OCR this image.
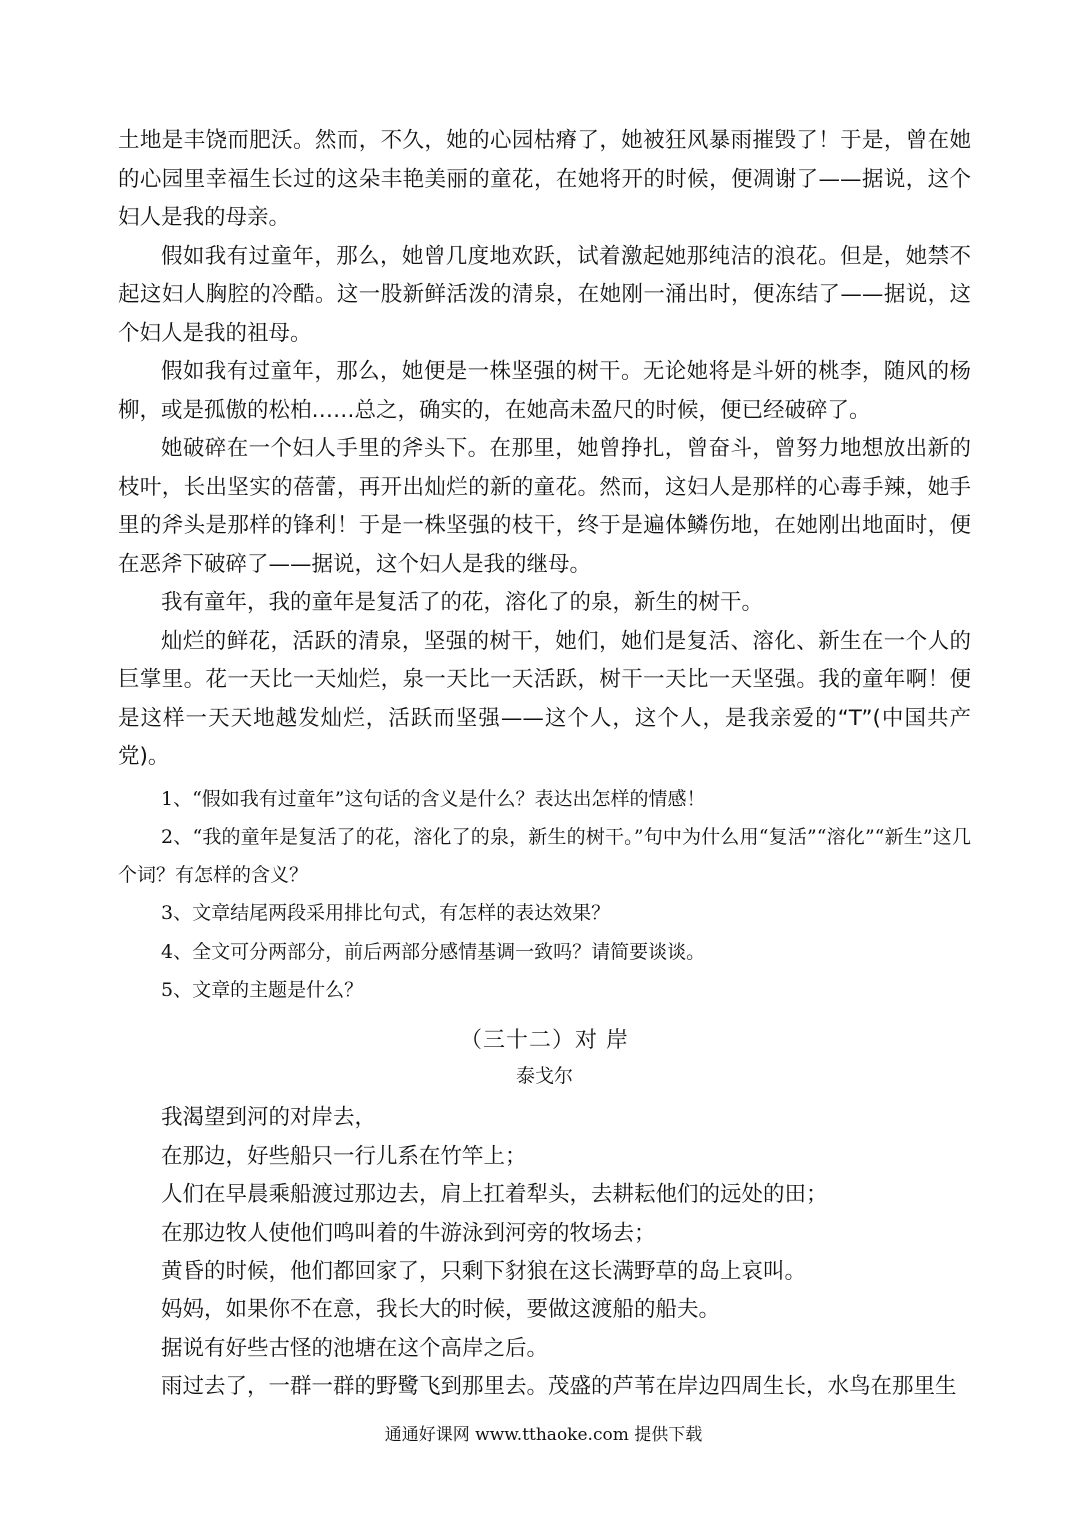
土地是丰饶而肥沃。然而，不久，她的心园枯瘠了，她被狂风暴雨摧毁了！于是，曾在她的心园里幸福生长过的这朵丰艳美丽的童花，在她将开的时候，便凋谢了——据说，这个妇人是我的母亲。

假如我有过童年，那么，她曾几度地欢跃，试着激起她那纯洁的浪花。但是，她禁不起这妇人胸腔的冷酷。这一股新鲜活泼的清泉，在她刚一涌出时，便冻结了——据说，这个妇人是我的祖母。

假如我有过童年，那么，她便是一株坚强的树干。无论她将是斗妍的桃李，随风的杨柳，或是孤傲的松柏……总之，确实的，在她高未盈尺的时候，便已经破碎了。

她破碎在一个妇人手里的斧头下。在那里，她曾挣扎，曾奋斗，曾努力地想放出新的枝叶，长出坚实的蓓蕾，再开出灿烂的新的童花。然而，这妇人是那样的心毒手辣，她手里的斧头是那样的锋利！于是一株坚强的枝干，终于是遍体鳞伤地，在她刚出地面时，便在恶斧下破碎了——据说，这个妇人是我的继母。

我有童年，我的童年是复活了的花，溶化了的泉，新生的树干。

灿烂的鲜花，活跃的清泉，坚强的树干，她们，她们是复活、溶化、新生在一个人的巨掌里。花一天比一天灿烂，泉一天比一天活跃，树干一天比一天坚强。我的童年啊！便是这样一天天地越发灿烂，活跃而坚强——这个人，这个人，是我亲爱的“T”(中国共产党)。

1、“假如我有过童年”这句话的含义是什么？表达出怎样的情感！

2、“我的童年是复活了的花，溶化了的泉，新生的树干。”句中为什么用“复活”“溶化”“新生”这几个词？有怎样的含义？

3、文章结尾两段采用排比句式，有怎样的表达效果？

4、全文可分两部分，前后两部分感情基调一致吗？请简要谈谈。

5、文章的主题是什么？

（三十二）对 岸
泰戈尔

我渴望到河的对岸去，

在那边，好些船只一行儿系在竹竿上；

人们在早晨乘船渡过那边去，肩上扛着犁头，去耕耘他们的远处的田；

在那边牧人使他们鸣叫着的牛游泳到河旁的牧场去；

黄昏的时候，他们都回家了，只剩下豺狼在这长满野草的岛上哀叫。

妈妈，如果你不在意，我长大的时候，要做这渡船的船夫。

据说有好些古怪的池塘在这个高岸之后。

雨过去了，一群一群的野鹭飞到那里去。茂盛的芦苇在岸边四周生长，水鸟在那里生

通通好课网 www.tthaoke.com 提供下载
